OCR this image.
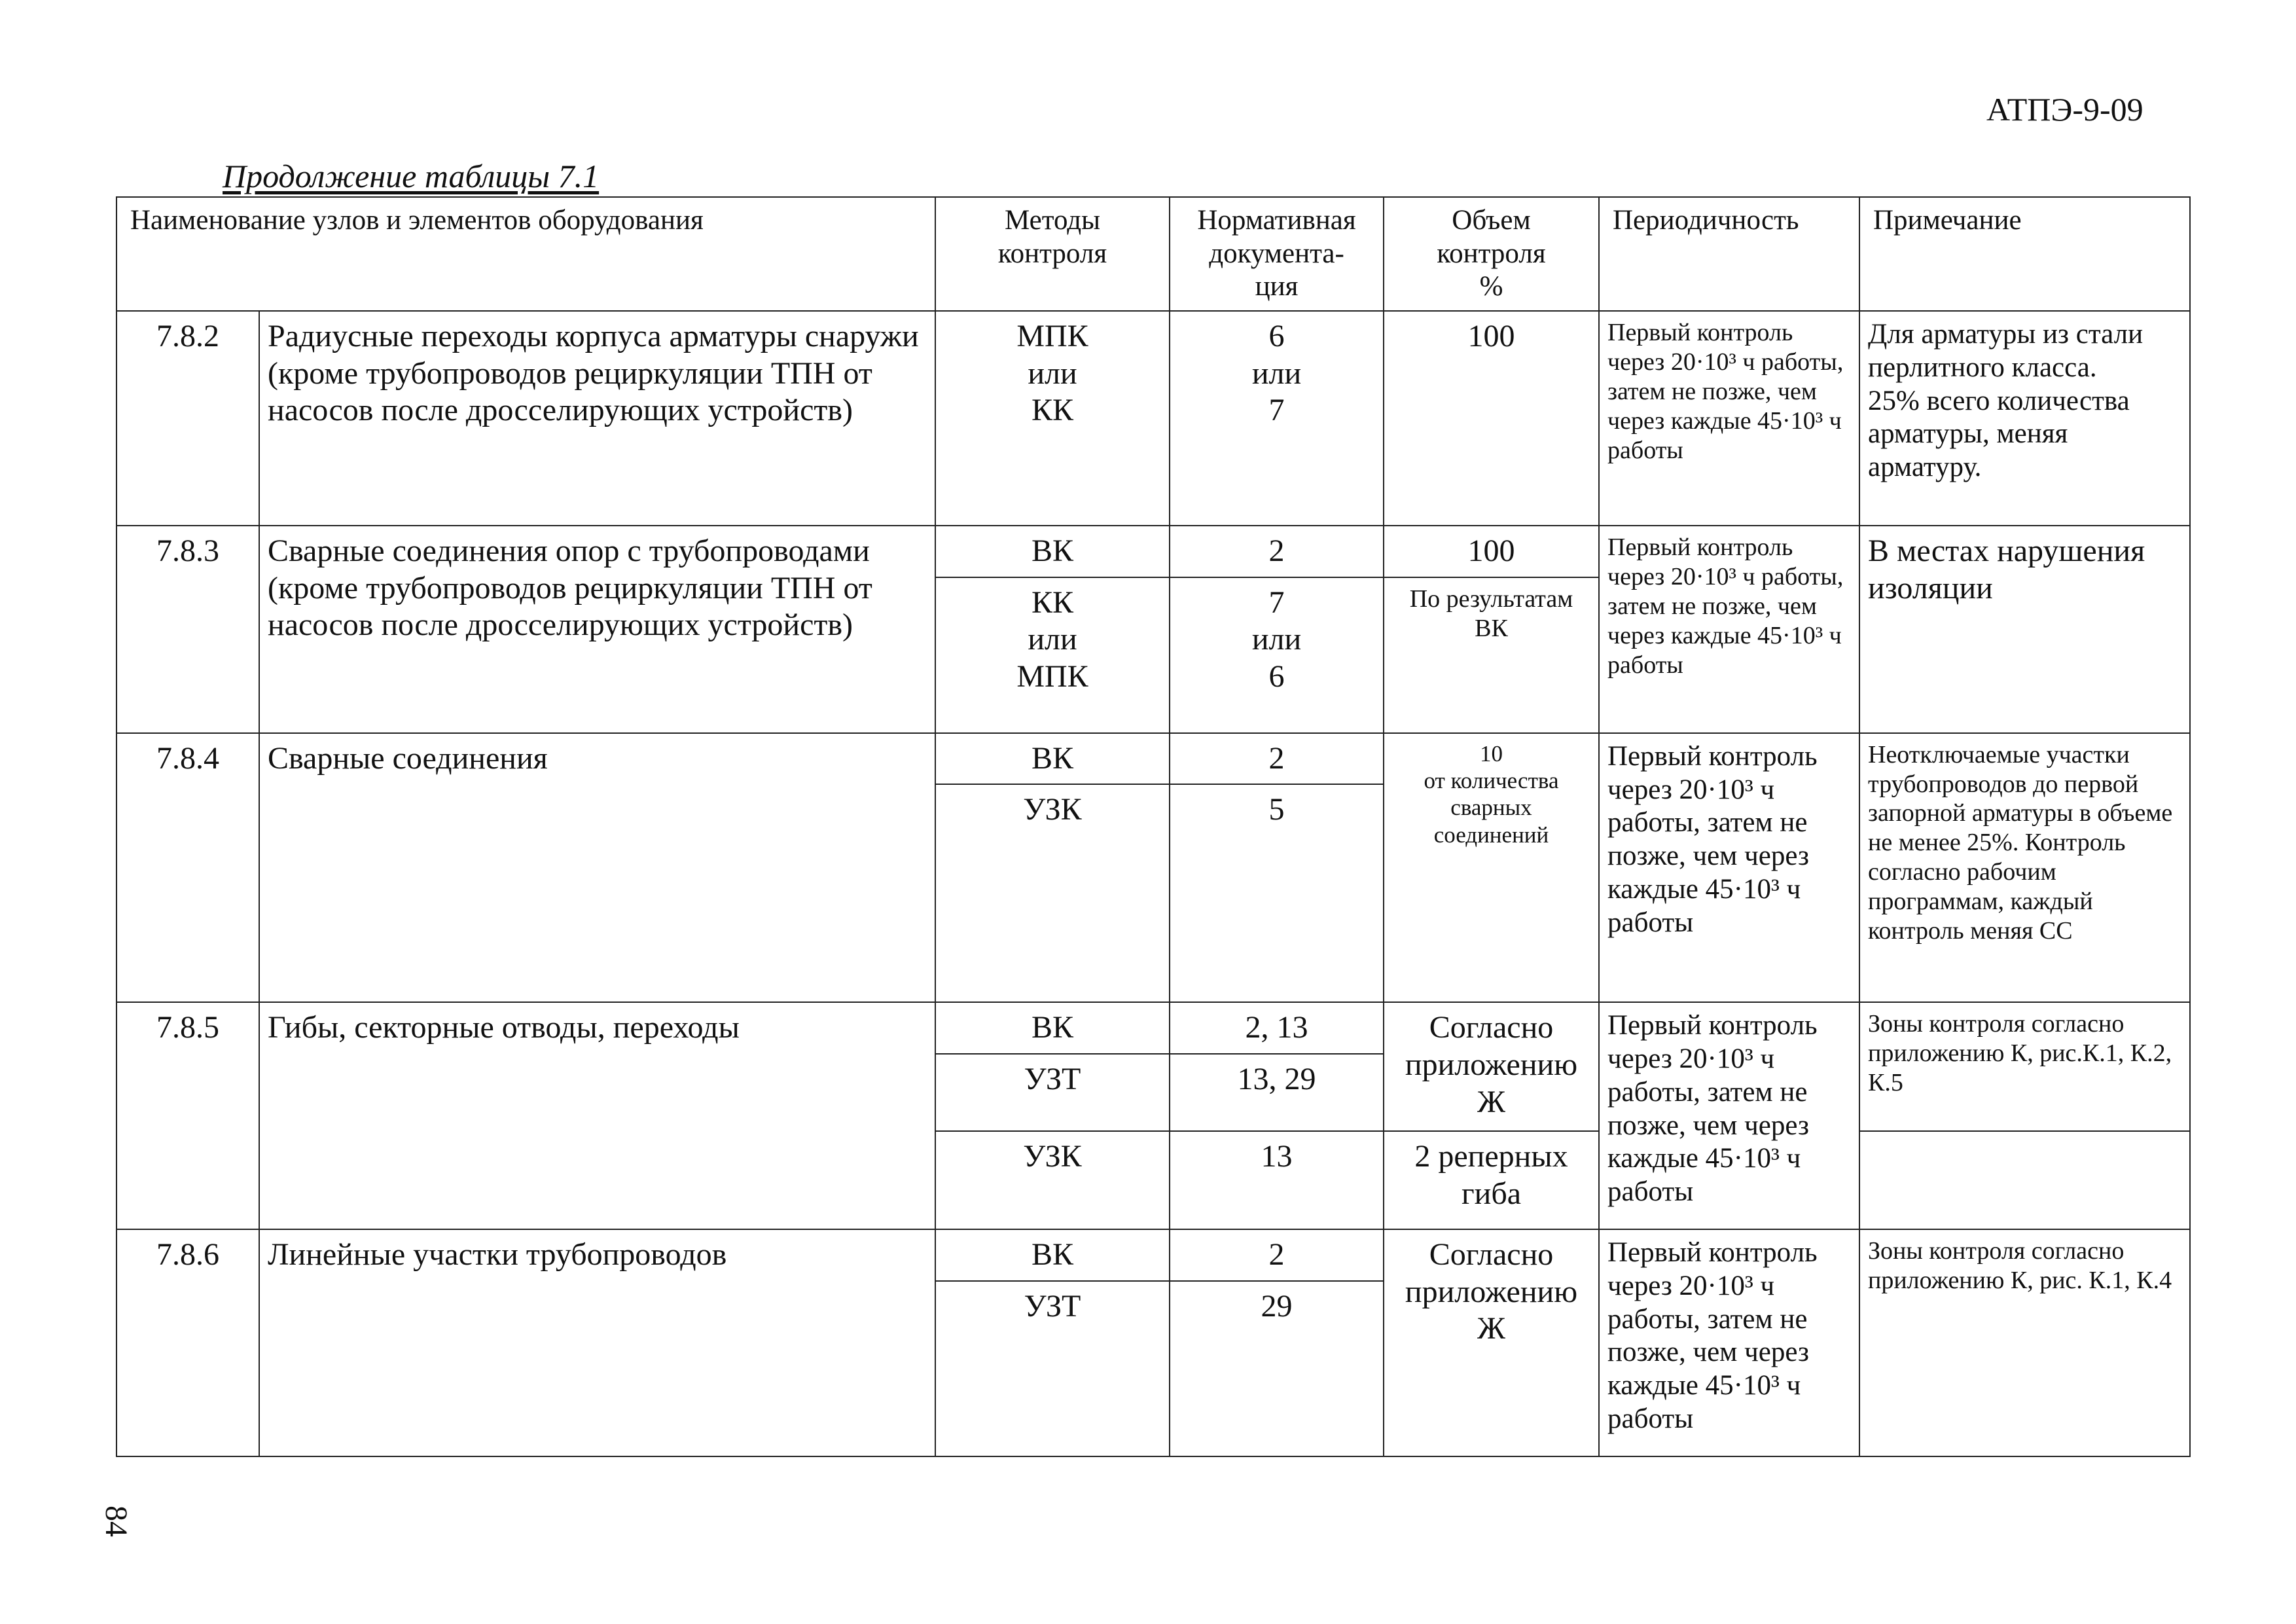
АТПЭ-9-09
Продолжение таблицы 7.1
84
Наименование узлов и элементов оборудования		Методы
контроля	Нормативная
документа-
ция	Объем
контроля
%	Периодичность	Примечание
7.8.2	Радиусные переходы корпуса арматуры снаружи (кроме трубопроводов рециркуляции ТПН от насосов после дросселирующих устройств)	МПК
или
КК	6
или
7	100	Первый контроль через 20·10³ ч работы, затем не позже, чем через каждые 45·10³ ч работы	Для арматуры из стали перлитного класса.
25% всего количества арматуры, меняя арматуру.
7.8.3	Сварные соединения опор с трубопроводами (кроме трубопроводов рециркуляции ТПН от насосов после дросселирующих устройств)	ВК	2	100	Первый контроль через 20·10³ ч работы, затем не позже, чем через каждые 45·10³ ч работы	В местах нарушения изоляции
		КК
или
МПК	7
или
6	По результатам
ВК		
7.8.4	Сварные соединения	ВК	2	10
от количества
сварных
соединений	Первый контроль через 20·10³ ч работы, затем не позже, чем через каждые 45·10³ ч работы	Неотключаемые участки трубопроводов до первой запорной арматуры в объеме не менее 25%. Контроль согласно рабочим программам, каждый контроль меняя СС
		УЗК	5			
7.8.5	Гибы, секторные отводы, переходы	ВК	2, 13	Согласно
приложению
Ж	Первый контроль через 20·10³ ч работы, затем не позже, чем через каждые 45·10³ ч работы	Зоны контроля согласно приложению К, рис.К.1, К.2, К.5
		УЗТ	13, 29			
		УЗК	13	2 реперных
гиба		
7.8.6	Линейные участки трубопроводов	ВК	2	Согласно
приложению
Ж	Первый контроль через 20·10³ ч работы, затем не позже, чем через каждые 45·10³ ч работы	Зоны контроля согласно приложению К, рис. К.1, К.4
		УЗТ	29			
